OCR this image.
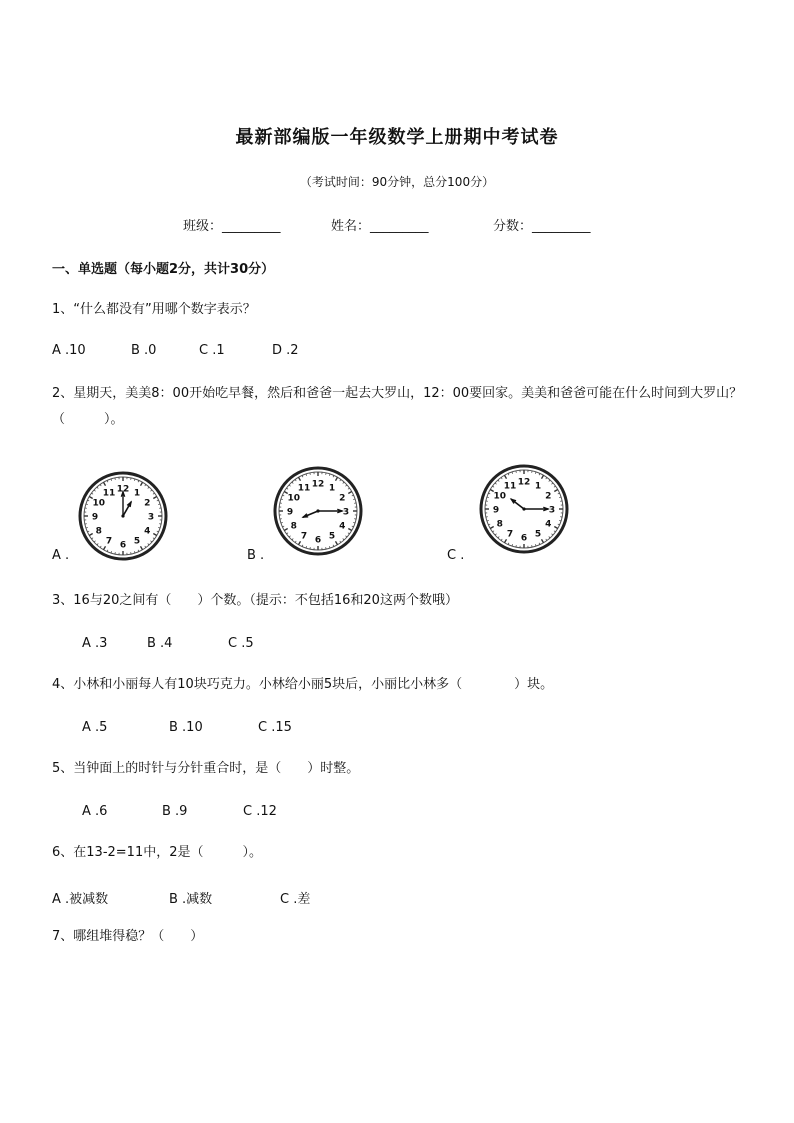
最新部编版一年级数学上册期中考试卷
（考试时间：90分钟，总分100分）
班级：_________	姓名：_________	分数：_________
一、单选题（每小题2分，共计30分）
1、“什么都没有”用哪个数字表示？
A .10	B .0	C .1	D .2
2、星期天，美美8：00开始吃早餐，然后和爸爸一起去大罗山，12：00要回家。美美和爸爸可能在什么时间到大罗山？（　　　）。
A .	B .	C .
12 1
2
3
4
5
6
7
8
9
10
11
12 1
2
3
4
5
6
7
8
9
10
11
12 1
2
3
4
5
6
7
8
9
10
11
3、16与20之间有（　　）个数。（提示：不包括16和20这两个数哦）
A .3	B .4	C .5
4、小林和小丽每人有10块巧克力。小林给小丽5块后，小丽比小林多（　　　　）块。
A .5	B .10	C .15
5、当钟面上的时针与分针重合时，是（　　）时整。
A .6	B .9	C .12
6、在13-2=11中，2是（　　　）。
A .被减数	B .减数	C .差
7、哪组堆得稳？（　　）
